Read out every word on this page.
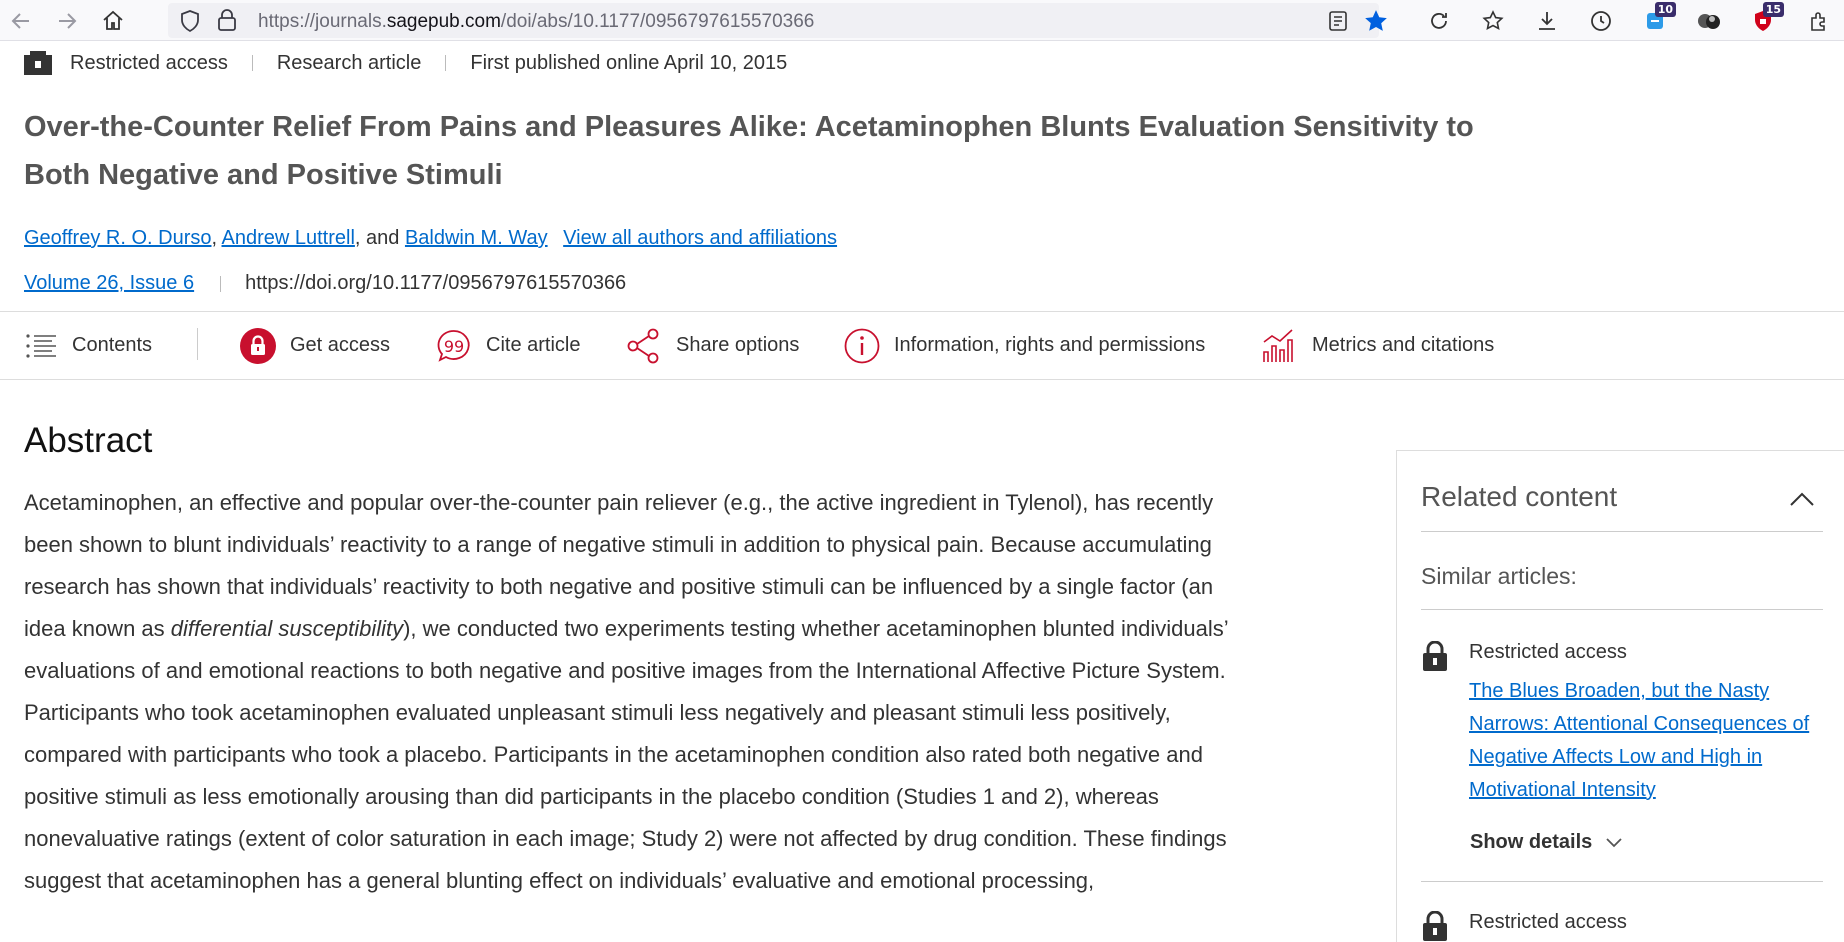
https://journals.sagepub.com/doi/abs/10.1177/0956797615570366
10	15
Restricted access Research article First published online April 10, 2015
Over-the-Counter Relief From Pains and Pleasures Alike: Acetaminophen Blunts Evaluation Sensitivity to Both Negative and Positive Stimuli
Geoffrey R. O. Durso, Andrew Luttrell, and Baldwin M. Way View all authors and affiliations
Volume 26, Issue 6	https://doi.org/10.1177/0956797615570366
Contents	Get access	99 Cite article	Share options	Information, rights and permissions	Metrics and citations
Abstract

Acetaminophen, an effective and popular over-the-counter pain reliever (e.g., the active ingredient in Tylenol), has recently been shown to blunt individuals’ reactivity to a range of negative stimuli in addition to physical pain. Because accumulating research has shown that individuals’ reactivity to both negative and positive stimuli can be influenced by a single factor (an idea known as differential susceptibility), we conducted two experiments testing whether acetaminophen blunted individuals’ evaluations of and emotional reactions to both negative and positive images from the International Affective Picture System. Participants who took acetaminophen evaluated unpleasant stimuli less negatively and pleasant stimuli less positively, compared with participants who took a placebo. Participants in the acetaminophen condition also rated both negative and positive stimuli as less emotionally arousing than did participants in the placebo condition (Studies 1 and 2), whereas nonevaluative ratings (extent of color saturation in each image; Study 2) were not affected by drug condition. These findings suggest that acetaminophen has a general blunting effect on individuals’ evaluative and emotional processing,

Related content
Similar articles:
Restricted access
The Blues Broaden, but the Nasty Narrows: Attentional Consequences of Negative Affects Low and High in Motivational Intensity
Show details
Restricted access
